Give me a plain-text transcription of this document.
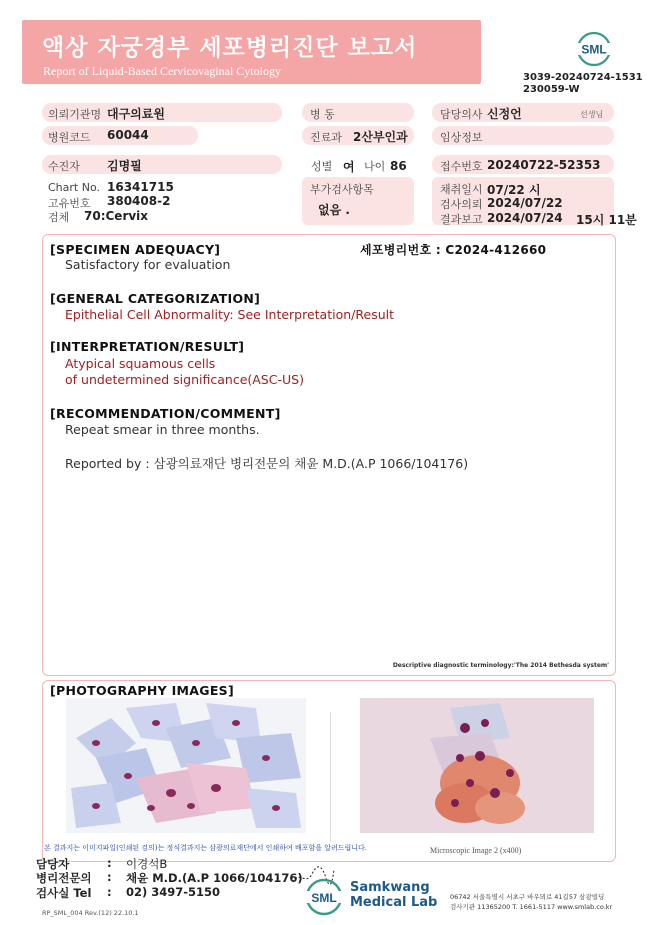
액상 자궁경부 세포병리진단 보고서
Report of Liquid-Based Cervicovaginal Cytology
SML
3039-20240724-1531
230059-W
의뢰기관명 대구의료원	병 동	담당의사 신정언	선생님
병원코드 60044	진료과 2산부인과	임상정보
수진자 김명필	성별 여 나이 86	접수번호 20240722-52353
Chart No. 16341715
고유번호 380408-2
검체 70:Cervix
부가검사항목
없음 .
채취일시 07/22 시
검사의뢰 2024/07/22
결과보고 2024/07/24 15시 11분
[SPECIMEN ADEQUACY]	세포병리번호 : C2024-412660
Satisfactory for evaluation
[GENERAL CATEGORIZATION]
Epithelial Cell Abnormality: See Interpretation/Result
[INTERPRETATION/RESULT]
Atypical squamous cells
of undetermined significance(ASC-US)
[RECOMMENDATION/COMMENT]
Repeat smear in three months.
Reported by : 삼광의료재단 병리전문의 채윤 M.D.(A.P 1066/104176)
Descriptive diagnostic terminology:'The 2014 Bethesda system'
[PHOTOGRAPHY IMAGES]
Microscopic Image 2 (x400)
본 결과지는 이미지파일(인쇄된 검의)는 정식결과지는 삼광의료재단에서 인쇄하여 배포함을 알려드립니다.
담당자	: 이경석B
병리전문의 : 채윤 M.D.(A.P 1066/104176)
검사실 Tel : 02) 3497-5150	SML
Samkwang
Medical Lab 06742 서울특별시 서초구 바우뫼로 41길57 삼광빌딩
검사기관 11365200 T. 1661-5117 www.smlab.co.kr
RP_SML_004 Rev.(12) 22.10.1
